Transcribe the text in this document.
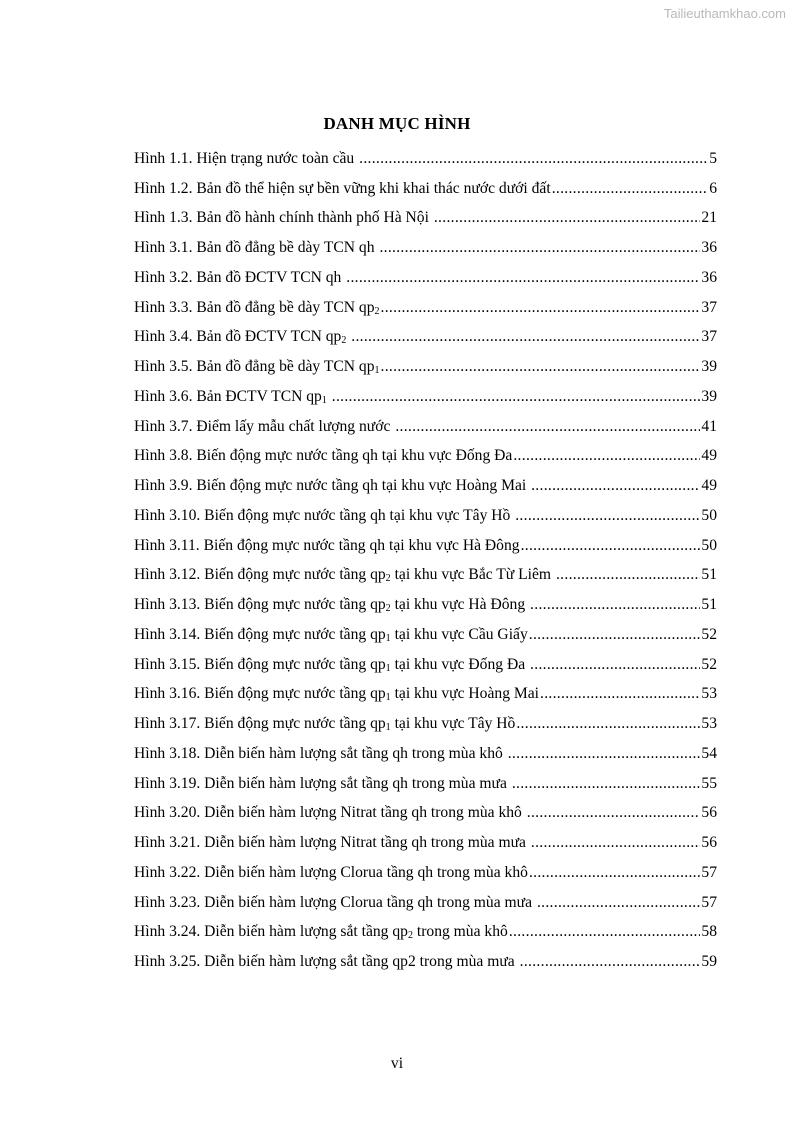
Tailieuthamkhao.com
DANH MỤC HÌNH
Hình 1.1. Hiện trạng nước toàn cầu .....	5
Hình 1.2. Bản đồ thể hiện sự bền vững khi khai thác nước dưới đất .....	6
Hình 1.3. Bản đồ hành chính thành phố Hà Nội .....	21
Hình 3.1. Bản đồ đẳng bề dày TCN qh .....	36
Hình 3.2. Bản đồ ĐCTV TCN qh .....	36
Hình 3.3. Bản đồ đẳng bề dày TCN $qp_2$ .....	37
Hình 3.4. Bản đồ ĐCTV TCN $qp_2$ .....	37
Hình 3.5. Bản đồ đẳng bề dày TCN $qp_1$ .....	39
Hình 3.6. Bản ĐCTV TCN $qp_1$ .....	39
Hình 3.7. Điểm lấy mẫu chất lượng nước .....	41
Hình 3.8. Biến động mực nước tầng qh tại khu vực Đống Đa .....	49
Hình 3.9. Biến động mực nước tầng qh tại khu vực Hoàng Mai .....	49
Hình 3.10. Biến động mực nước tầng qh tại khu vực Tây Hồ .....	50
Hình 3.11. Biến động mực nước tầng qh tại khu vực Hà Đông .....	50
Hình 3.12. Biến động mực nước tầng $qp_2$ tại khu vực Bắc Từ Liêm .....	51
Hình 3.13. Biến động mực nước tầng $qp_2$ tại khu vực Hà Đông .....	51
Hình 3.14. Biến động mực nước tầng $qp_1$ tại khu vực Cầu Giấy .....	52
Hình 3.15. Biến động mực nước tầng $qp_1$ tại khu vực Đống Đa .....	52
Hình 3.16. Biến động mực nước tầng $qp_1$ tại khu vực Hoàng Mai .....	53
Hình 3.17. Biến động mực nước tầng $qp_1$ tại khu vực Tây Hồ .....	53
Hình 3.18. Diễn biến hàm lượng sắt tầng qh trong mùa khô .....	54
Hình 3.19. Diễn biến hàm lượng sắt tầng qh trong mùa mưa .....	55
Hình 3.20. Diễn biến hàm lượng Nitrat tầng qh trong mùa khô .....	56
Hình 3.21. Diễn biến hàm lượng Nitrat tầng qh trong mùa mưa .....	56
Hình 3.22. Diễn biến hàm lượng Clorua tầng qh trong mùa khô .....	57
Hình 3.23. Diễn biến hàm lượng Clorua tầng qh trong mùa mưa .....	57
Hình 3.24. Diễn biến hàm lượng sắt tầng $qp_2$ trong mùa khô .....	58
Hình 3.25. Diễn biến hàm lượng sắt tầng qp2 trong mùa mưa .....	59
vi
